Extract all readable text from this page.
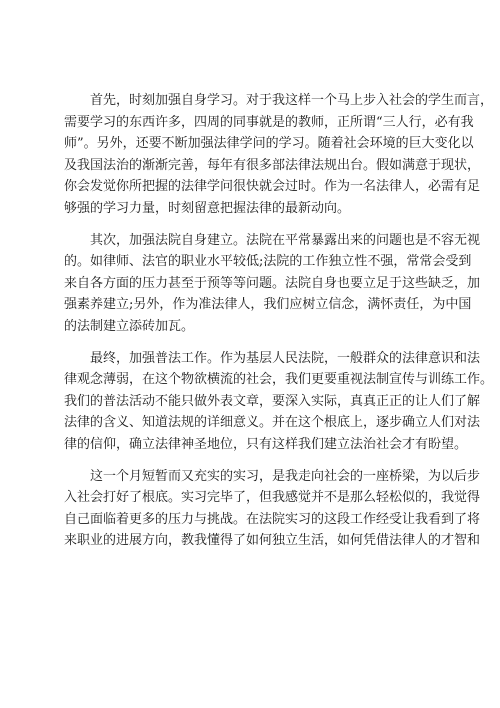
首先，时刻加强自身学习。对于我这样一个马上步入社会的学生而言，
需要学习的东西许多，四周的同事就是的教师，正所谓“三人行，必有我
师”。另外，还要不断加强法律学问的学习。随着社会环境的巨大变化以
及我国法治的渐渐完善，每年有很多部法律法规出台。假如满意于现状，
你会发觉你所把握的法律学问很快就会过时。作为一名法律人，必需有足
够强的学习力量，时刻留意把握法律的最新动向。
其次，加强法院自身建立。法院在平常暴露出来的问题也是不容无视
的。如律师、法官的职业水平较低;法院的工作独立性不强，常常会受到
来自各方面的压力甚至于预等等问题。法院自身也要立足于这些缺乏，加
强素养建立;另外，作为准法律人，我们应树立信念，满怀责任，为中国
的法制建立添砖加瓦。
最终，加强普法工作。作为基层人民法院，一般群众的法律意识和法
律观念薄弱，在这个物欲横流的社会，我们更要重视法制宣传与训练工作。
我们的普法活动不能只做外表文章，要深入实际，真真正正的让人们了解
法律的含义、知道法规的详细意义。并在这个根底上，逐步确立人们对法
律的信仰，确立法律神圣地位，只有这样我们建立法治社会才有盼望。
这一个月短暂而又充实的实习，是我走向社会的一座桥梁，为以后步
入社会打好了根底。实习完毕了，但我感觉并不是那么轻松似的，我觉得
自己面临着更多的压力与挑战。在法院实习的这段工作经受让我看到了将
来职业的进展方向，教我懂得了如何独立生活，如何凭借法律人的才智和
